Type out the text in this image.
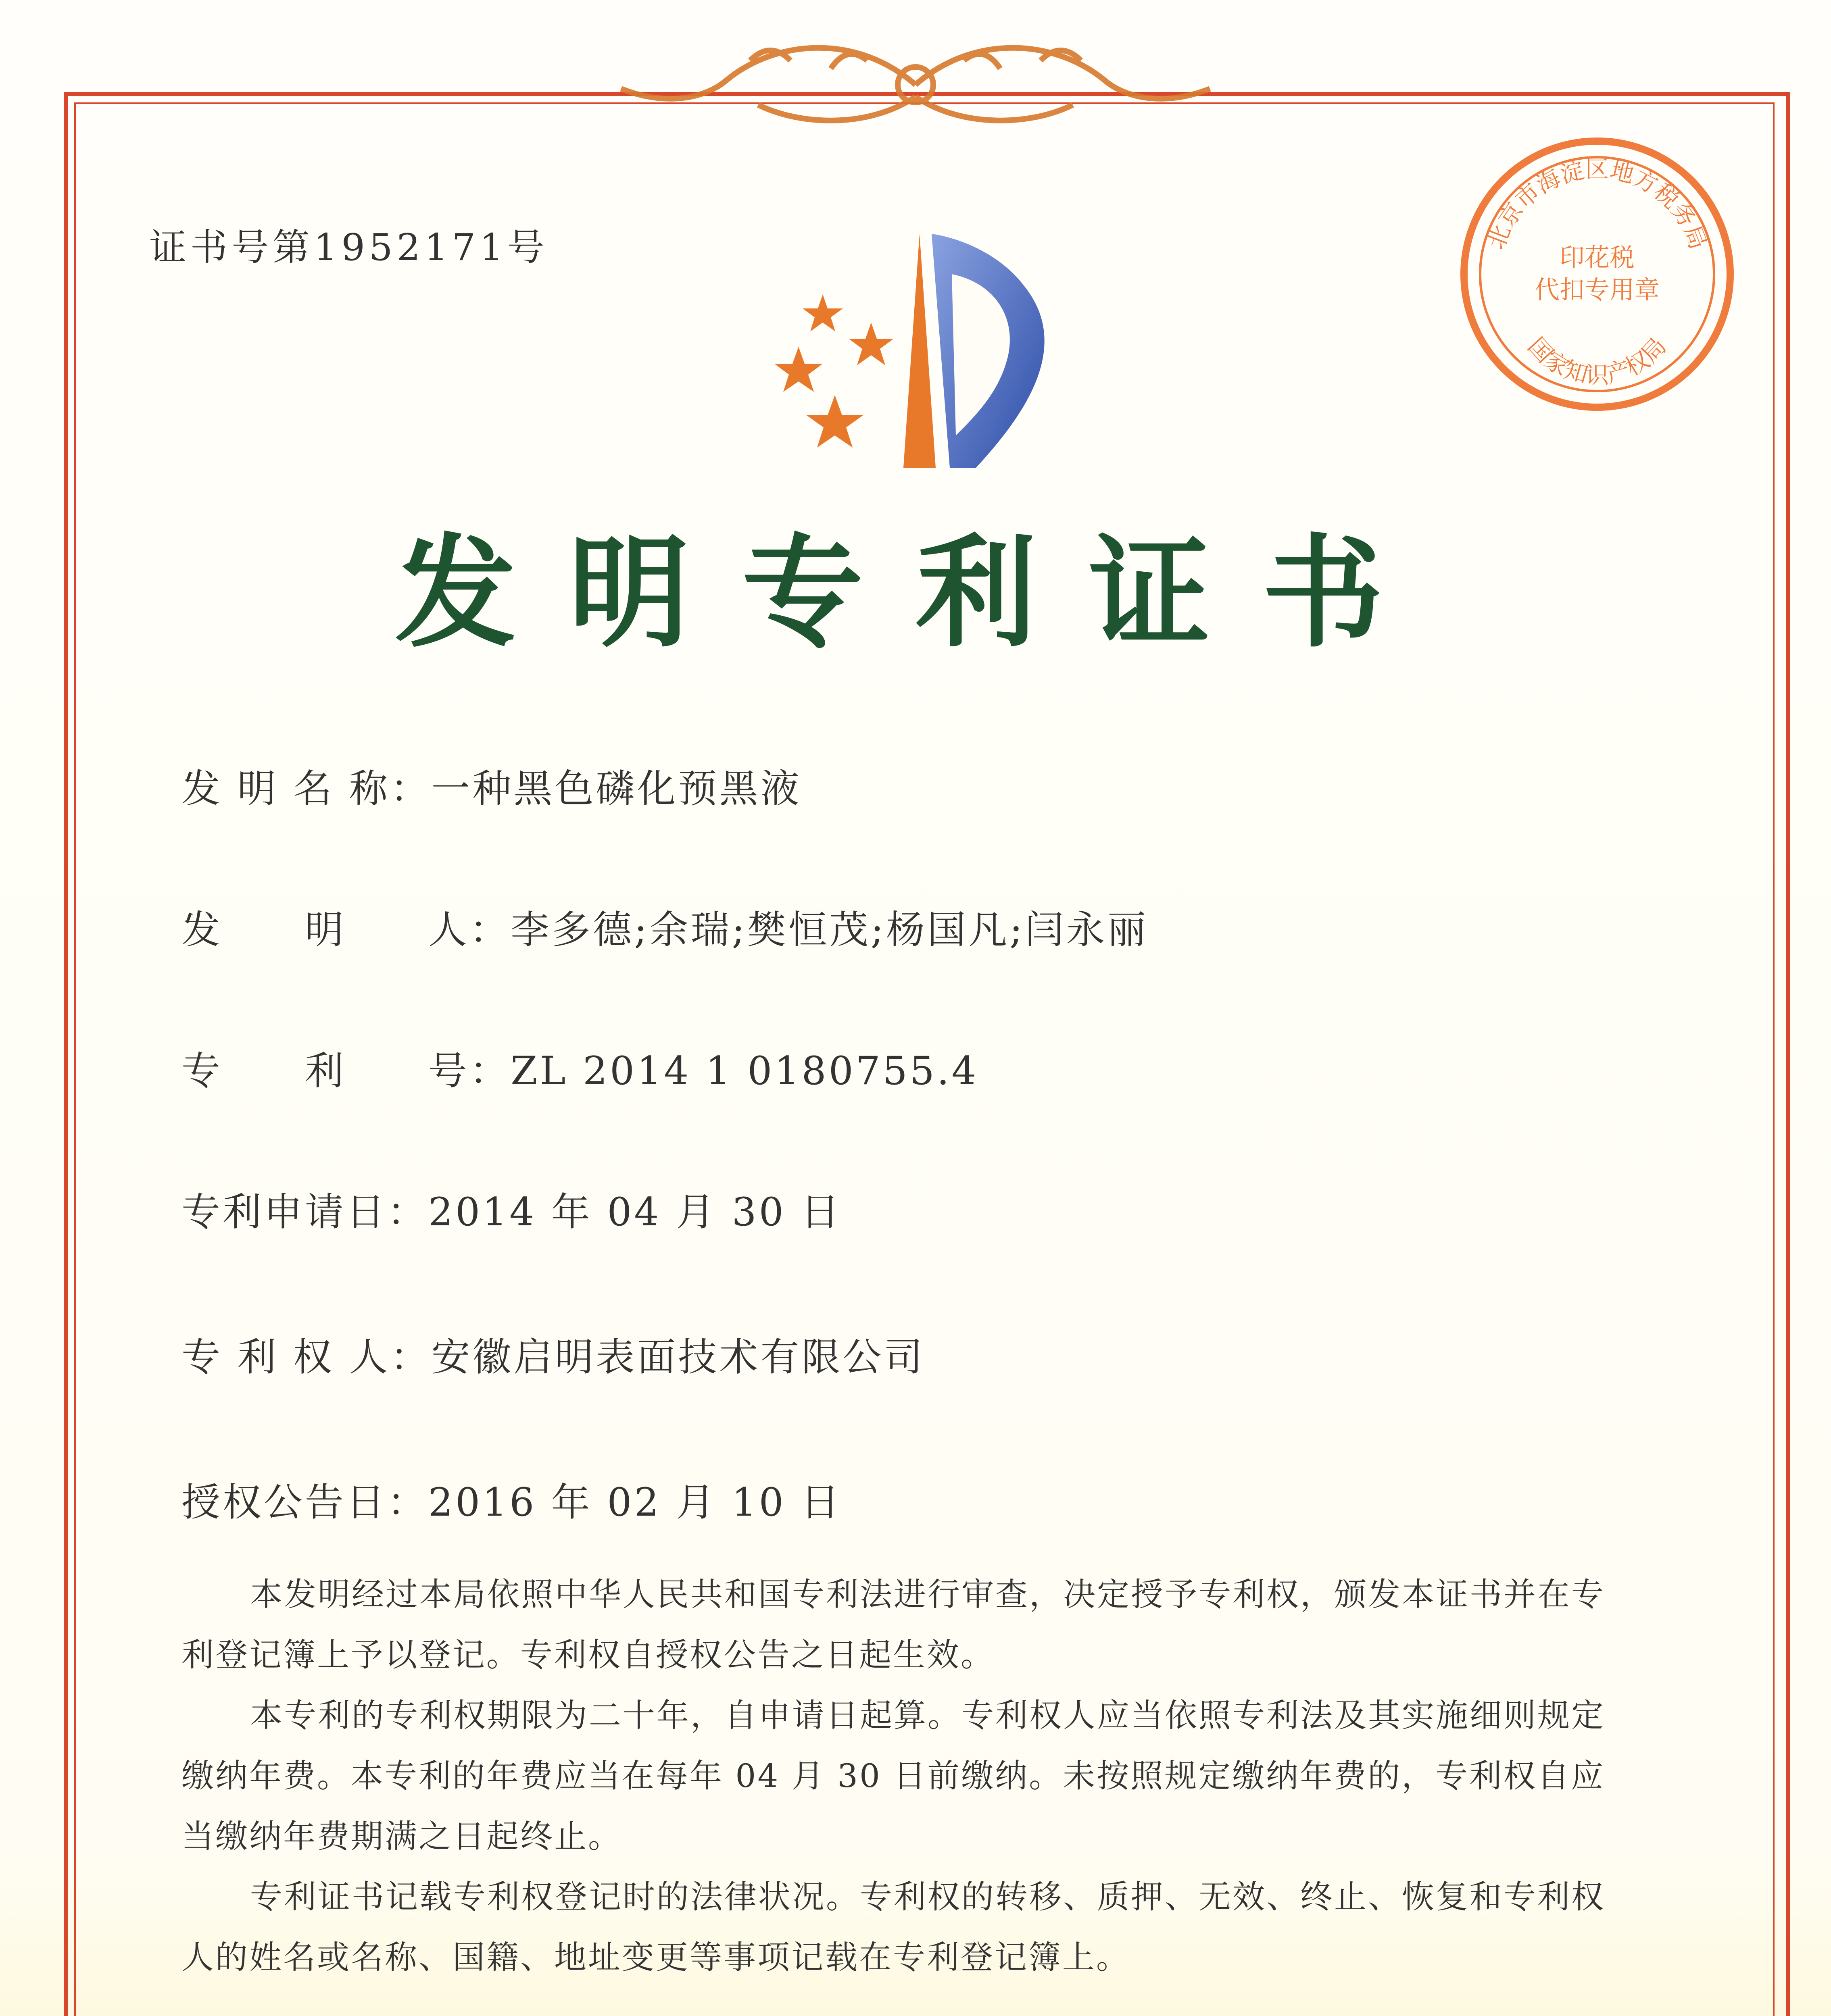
证书号第1952171号	北京市海淀区地方税务局
印花税
代扣专用章
国家知识产权局
发明专利证书
发 明 名 称：一种黑色磷化预黑液
发　　明　　人：李多德;余瑞;樊恒茂;杨国凡;闫永丽
专　　利　　号：ZL 2014 1 0180755.4
专利申请日：2014 年 04 月 30 日
专 利 权 人：安徽启明表面技术有限公司
授权公告日：2016 年 02 月 10 日

本发明经过本局依照中华人民共和国专利法进行审查，决定授予专利权，颁发本证书并在专利登记簿上予以登记。专利权自授权公告之日起生效。

本专利的专利权期限为二十年，自申请日起算。专利权人应当依照专利法及其实施细则规定缴纳年费。本专利的年费应当在每年 04 月 30 日前缴纳。未按照规定缴纳年费的，专利权自应当缴纳年费期满之日起终止。

专利证书记载专利权登记时的法律状况。专利权的转移、质押、无效、终止、恢复和专利权人的姓名或名称、国籍、地址变更等事项记载在专利登记簿上。
